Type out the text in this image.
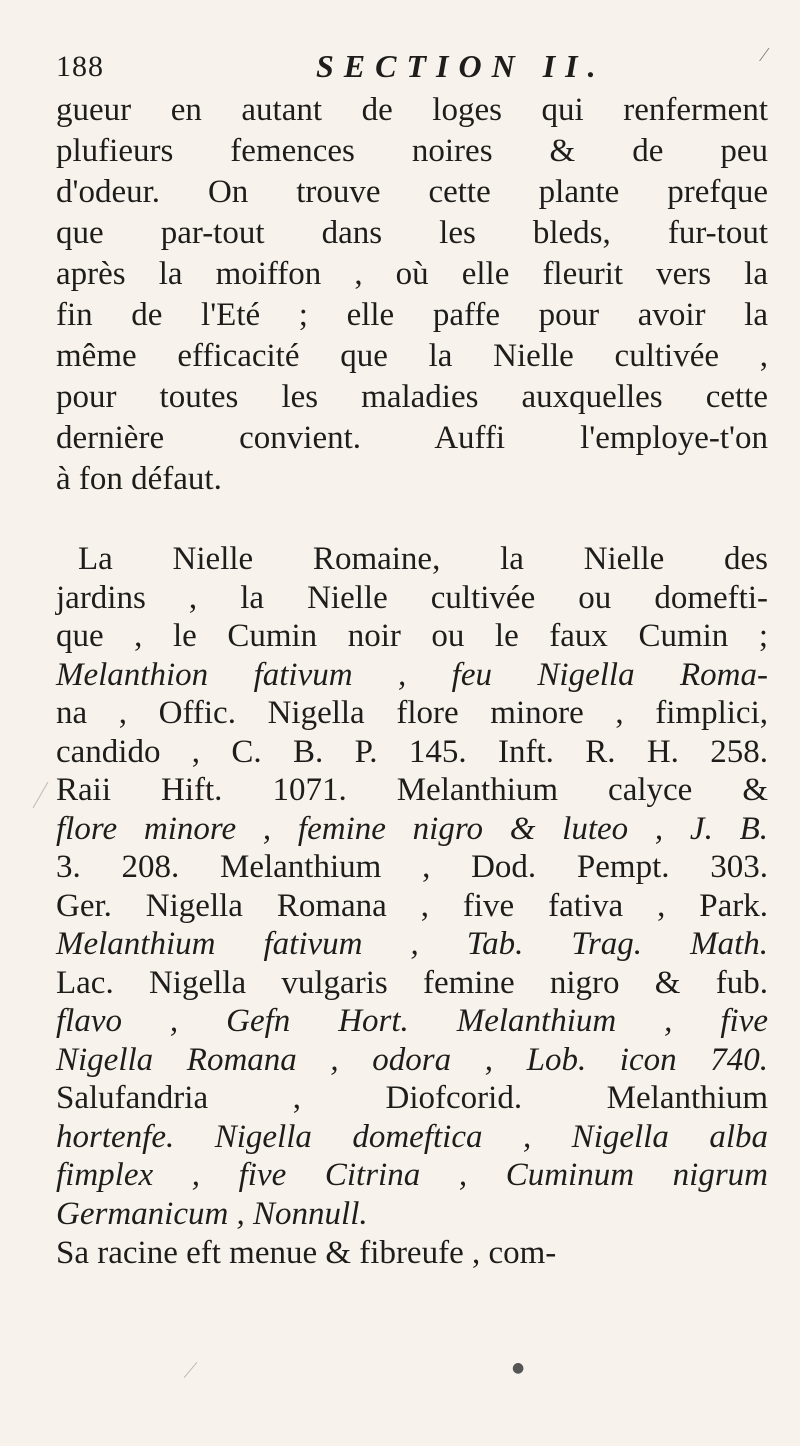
188	SECTION II.	⁄
gueur en autant de loges qui renferment
plufieurs femences noires & de peu
d'odeur. On trouve cette plante prefque
que par-tout dans les bleds, fur-tout
après la moiffon , où elle fleurit vers la
fin de l'Eté ; elle paffe pour avoir la
même efficacité que la Nielle cultivée ,
pour toutes les maladies auxquelles cette
dernière convient. Auffi l'employe-t'on
à fon défaut.
La Nielle Romaine, la Nielle des
jardins , la Nielle cultivée ou domefti-
que , le Cumin noir ou le faux Cumin ;
Melanthion fativum , feu Nigella Roma-
na , Offic. Nigella flore minore , fimplici,
candido , C. B. P. 145. Inft. R. H. 258.
Raii Hift. 1071. Melanthium calyce &
flore minore , femine nigro & luteo , J. B.
3. 208. Melanthium , Dod. Pempt. 303.
Ger. Nigella Romana , five fativa , Park.
Melanthium fativum , Tab. Trag. Math.
Lac. Nigella vulgaris femine nigro & fub.
flavo , Gefn Hort. Melanthium , five
Nigella Romana , odora , Lob. icon 740.
Salufandria , Diofcorid. Melanthium
hortenfe. Nigella domeftica , Nigella alba
fimplex , five Citrina , Cuminum nigrum
Germanicum , Nonnull.
Sa racine eft menue & fibreufe , com-
●
